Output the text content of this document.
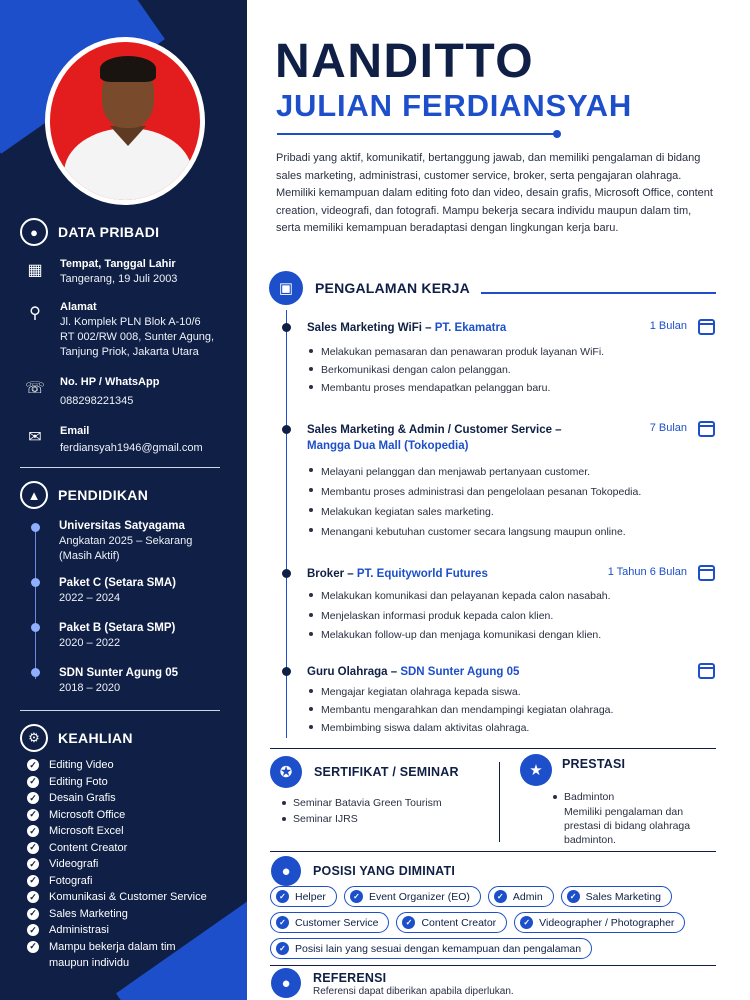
●	DATA PRIBADI
▦	Tempat, Tanggal Lahir
Tangerang, 19 Juli 2003
⚲	Alamat
Jl. Komplek PLN Blok A-10/6
RT 002/RW 008, Sunter Agung,
Tanjung Priok, Jakarta Utara
☏ No. HP / WhatsApp
088298221345
✉	Email
ferdiansyah1946@gmail.com
▲	PENDIDIKAN
Universitas Satyagama
Angkatan 2025 – Sekarang
(Masih Aktif)
Paket C (Setara SMA)
2022 – 2024
Paket B (Setara SMP)
2020 – 2022
SDN Sunter Agung 05
2018 – 2020
⚙	KEAHLIAN
✓ Editing Video
✓ Editing Foto
✓ Desain Grafis
✓ Microsoft Office
✓ Microsoft Excel
✓ Content Creator
✓ Videografi
✓ Fotografi
✓ Komunikasi & Customer Service
✓ Sales Marketing
✓ Administrasi
✓ Mampu bekerja dalam tim
maupun individu
NANDITTO
JULIAN FERDIANSYAH

Pribadi yang aktif, komunikatif, bertanggung jawab, dan memiliki pengalaman di bidang sales marketing, administrasi, customer service, broker, serta pengajaran olahraga. Memiliki kemampuan dalam editing foto dan video, desain grafis, Microsoft Office, content creation, videografi, dan fotografi. Mampu bekerja secara individu maupun dalam tim, serta memiliki kemampuan beradaptasi dengan lingkungan kerja baru.

▣	PENGALAMAN KERJA
Sales Marketing WiFi – PT. Ekamatra	1 Bulan
Melakukan pemasaran dan penawaran produk layanan WiFi.
Berkomunikasi dengan calon pelanggan.
Membantu proses mendapatkan pelanggan baru.
Sales Marketing & Admin / Customer Service –
Mangga Dua Mall (Tokopedia)
7 Bulan
Melayani pelanggan dan menjawab pertanyaan customer.
Membantu proses administrasi dan pengelolaan pesanan Tokopedia.
Melakukan kegiatan sales marketing.
Menangani kebutuhan customer secara langsung maupun online.
Broker – PT. Equityworld Futures	1 Tahun 6 Bulan
Melakukan komunikasi dan pelayanan kepada calon nasabah.
Menjelaskan informasi produk kepada calon klien.
Melakukan follow-up dan menjaga komunikasi dengan klien.
Guru Olahraga – SDN Sunter Agung 05
Mengajar kegiatan olahraga kepada siswa.
Membantu mengarahkan dan mendampingi kegiatan olahraga.
Membimbing siswa dalam aktivitas olahraga.
✪	SERTIFIKAT / SEMINAR
Seminar Batavia Green Tourism
Seminar IJRS
★	PRESTASI
Badminton

Memiliki pengalaman dan prestasi di bidang olahraga badminton.
●	POSISI YANG DIMINATI
✓ Helper	✓ Event Organizer (EO)	✓ Admin	✓ Sales Marketing
✓ Customer Service	✓ Content Creator	✓ Videographer / Photographer
✓ Posisi lain yang sesuai dengan kemampuan dan pengalaman
●	REFERENSI
Referensi dapat diberikan apabila diperlukan.
